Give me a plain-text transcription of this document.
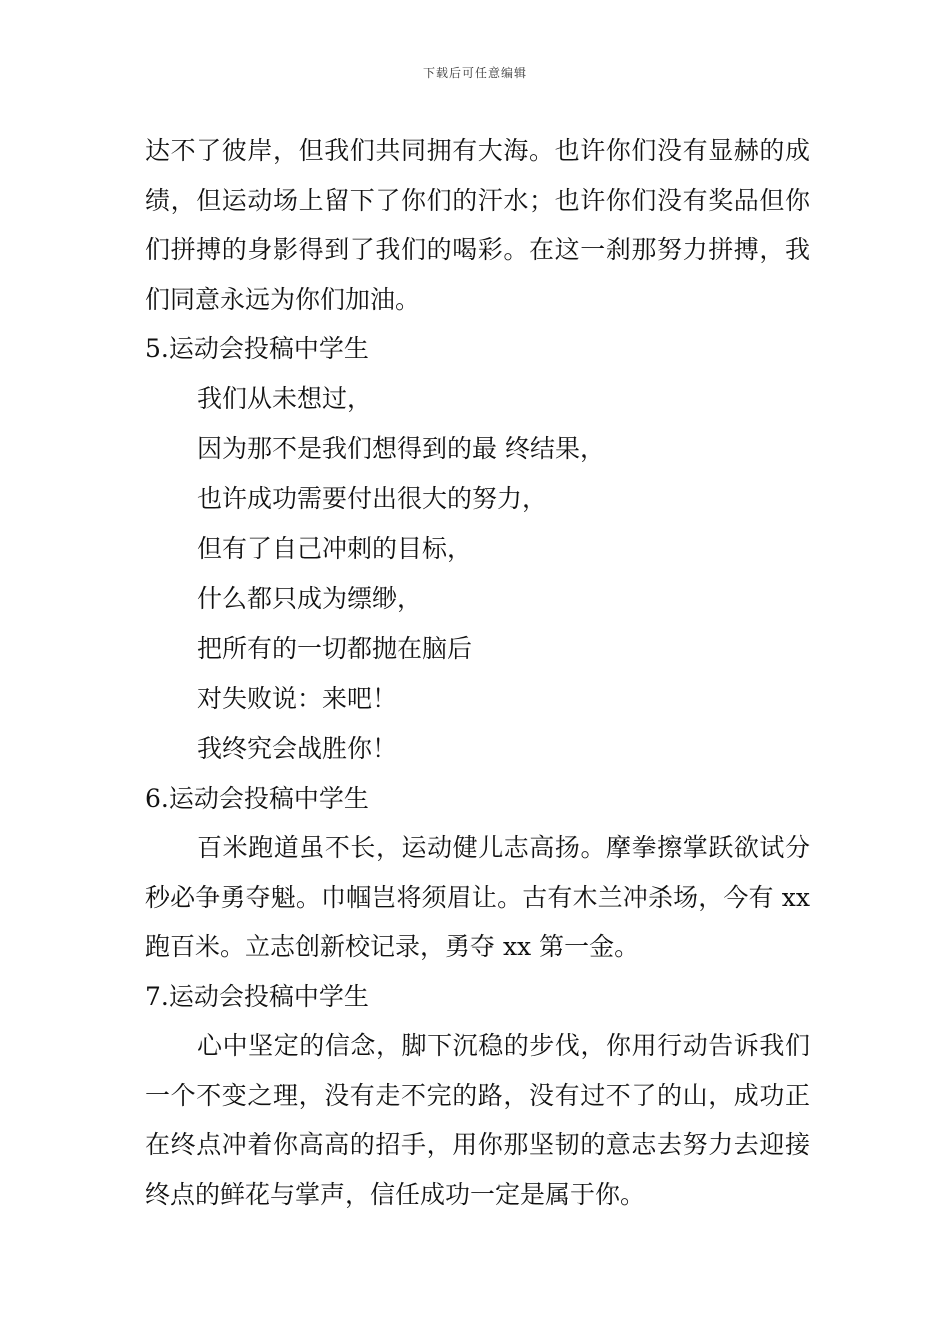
下载后可任意编辑

达不了彼岸，但我们共同拥有大海。也许你们没有显赫的成绩，但运动场上留下了你们的汗水；也许你们没有奖品但你们拼搏的身影得到了我们的喝彩。在这一刹那努力拼搏，我们同意永远为你们加油。

5.运动会投稿中学生

我们从未想过，

因为那不是我们想得到的最 终结果，

也许成功需要付出很大的努力，

但有了自己冲刺的目标，

什么都只成为缥缈，

把所有的一切都抛在脑后

对失败说：来吧！

我终究会战胜你！

6.运动会投稿中学生

百米跑道虽不长，运动健儿志高扬。摩拳擦掌跃欲试分秒必争勇夺魁。巾帼岂将须眉让。古有木兰冲杀场，今有 xx 跑百米。立志创新校记录，勇夺 xx 第一金。

7.运动会投稿中学生

心中坚定的信念，脚下沉稳的步伐，你用行动告诉我们一个不变之理，没有走不完的路，没有过不了的山，成功正在终点冲着你高高的招手，用你那坚韧的意志去努力去迎接终点的鲜花与掌声，信任成功一定是属于你。
